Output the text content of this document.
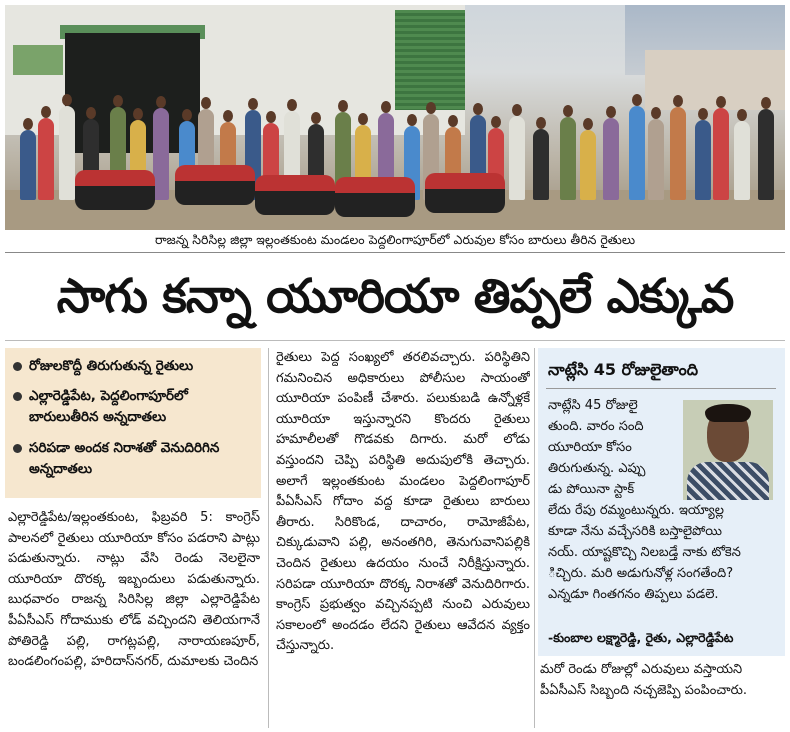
రాజన్న సిరిసిల్ల జిల్లా ఇల్లంతకుంట మండలం పెద్దలింగాపూర్‌లో ఎరువుల కోసం బారులు తీరిన రైతులు
సాగు కన్నా యూరియా తిప్పలే ఎక్కువ
రోజులకొద్దీ తిరుగుతున్న రైతులు
ఎల్లారెడ్డిపేట, పెద్దలింగాపూర్‌లో బారులుతీరిన అన్నదాతలు
సరిపడా అందక నిరాశతో వెనుదిరిగిన అన్నదాతలు

ఎల్లారెడ్డిపేట/ఇల్లంతకుంట, ఫిబ్రవరి 5: కాంగ్రెస్ పాలనలో రైతులు యూరియా కోసం పడరాని పాట్లు పడుతున్నారు. నాట్లు వేసి రెండు నెలలైనా యూరియా దొరక్క ఇబ్బందులు పడుతున్నారు. బుధవారం రాజన్న సిరిసిల్ల జిల్లా ఎల్లారెడ్డిపేట పీఏసీఎస్ గోదాముకు లోడ్ వచ్చిందని తెలియగానే పోతిరెడ్డి పల్లి, రాగట్లపల్లి, నారాయణపూర్, బండలింగంపల్లి, హరిదాస్‌నగర్, దుమాలకు చెందిన

రైతులు పెద్ద సంఖ్యలో తరలివచ్చారు. పరిస్థితిని గమనించిన అధికారులు పోలీసుల సాయంతో యూరియా పంపిణీ చేశారు. పలుకుబడి ఉన్నోళ్లకే యూరియా ఇస్తున్నారని కొందరు రైతులు హమాలీలతో గొడవకు దిగారు. మరో లోడు వస్తుందని చెప్పి పరిస్థితి అదుపులోకి తెచ్చారు. అలాగే ఇల్లంతకుంట మండలం పెద్దలింగాపూర్ పీఏసీఎస్ గోదాం వద్ద కూడా రైతులు బారులు తీరారు. సిరికొండ, దాచారం, రామోజీపేట, చిక్కుడువాని పల్లి, అనంతగిరి, తెనుగువానిపల్లికి చెందిన రైతులు ఉదయం నుంచే నిరీక్షిస్తున్నారు. సరిపడా యూరియా దొరక్క నిరాశతో వెనుదిరిగారు. కాంగ్రెస్ ప్రభుత్వం వచ్చినప్పటి నుంచి ఎరువులు సకాలంలో అందడం లేదని రైతులు ఆవేదన వ్యక్తం చేస్తున్నారు.

నాట్లేసి 45 రోజులైతాంది
నాట్లేసి 45 రోజులై
తుంది. వారం సంది
యూరియా కోసం
తిరుగుతున్న. ఎప్పు
డు పోయినా స్టాక్
లేదు రేపు రమ్మంటున్నరు. ఇయ్యాల్ల
కూడా నేను వచ్చేసరికి బస్తాలైపోయి
నయ్. యాష్టకొచ్చి నిలబడ్తే నాకు టోకెన
ిచ్చిరు. మరి అడుగునోళ్ల సంగతేంది?
ఎన్నడూ గింతగనం తిప్పలు పడలె.
-కుంబాల లక్ష్మారెడ్డి, రైతు, ఎల్లారెడ్డిపేట
మరో రెండు రోజుల్లో ఎరువులు వస్తాయని పీఏసీఎస్ సిబ్బంది నచ్చజెప్పి పంపించారు.
